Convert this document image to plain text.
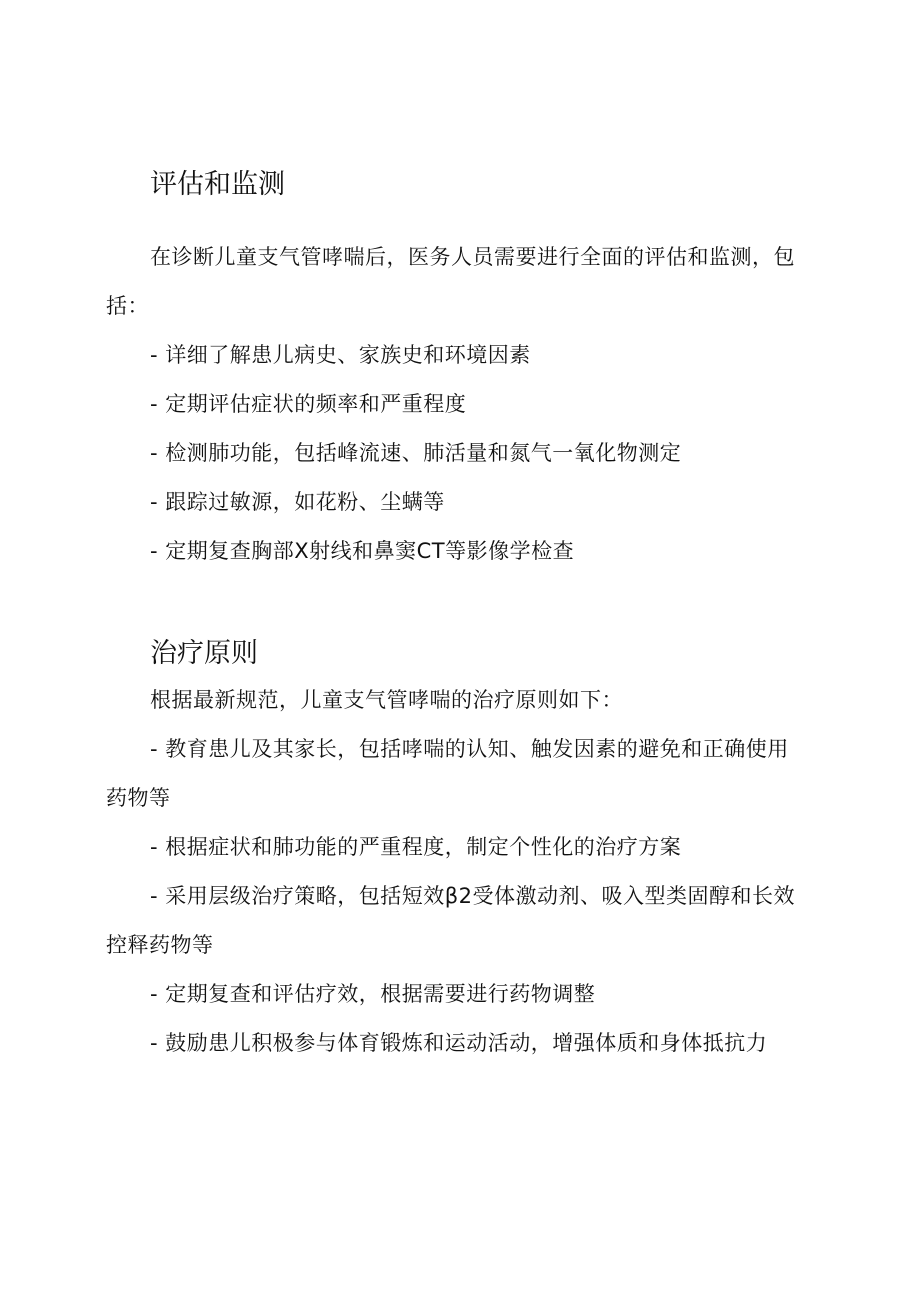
评估和监测

在诊断儿童支气管哮喘后，医务人员需要进行全面的评估和监测，包括：

- 详细了解患儿病史、家族史和环境因素

- 定期评估症状的频率和严重程度

- 检测肺功能，包括峰流速、肺活量和氮气一氧化物测定

- 跟踪过敏源，如花粉、尘螨等

- 定期复查胸部X射线和鼻窦CT等影像学检查

治疗原则

根据最新规范，儿童支气管哮喘的治疗原则如下：

- 教育患儿及其家长，包括哮喘的认知、触发因素的避免和正确使用药物等

- 根据症状和肺功能的严重程度，制定个性化的治疗方案

- 采用层级治疗策略，包括短效β2受体激动剂、吸入型类固醇和长效控释药物等

- 定期复查和评估疗效，根据需要进行药物调整

- 鼓励患儿积极参与体育锻炼和运动活动，增强体质和身体抵抗力
